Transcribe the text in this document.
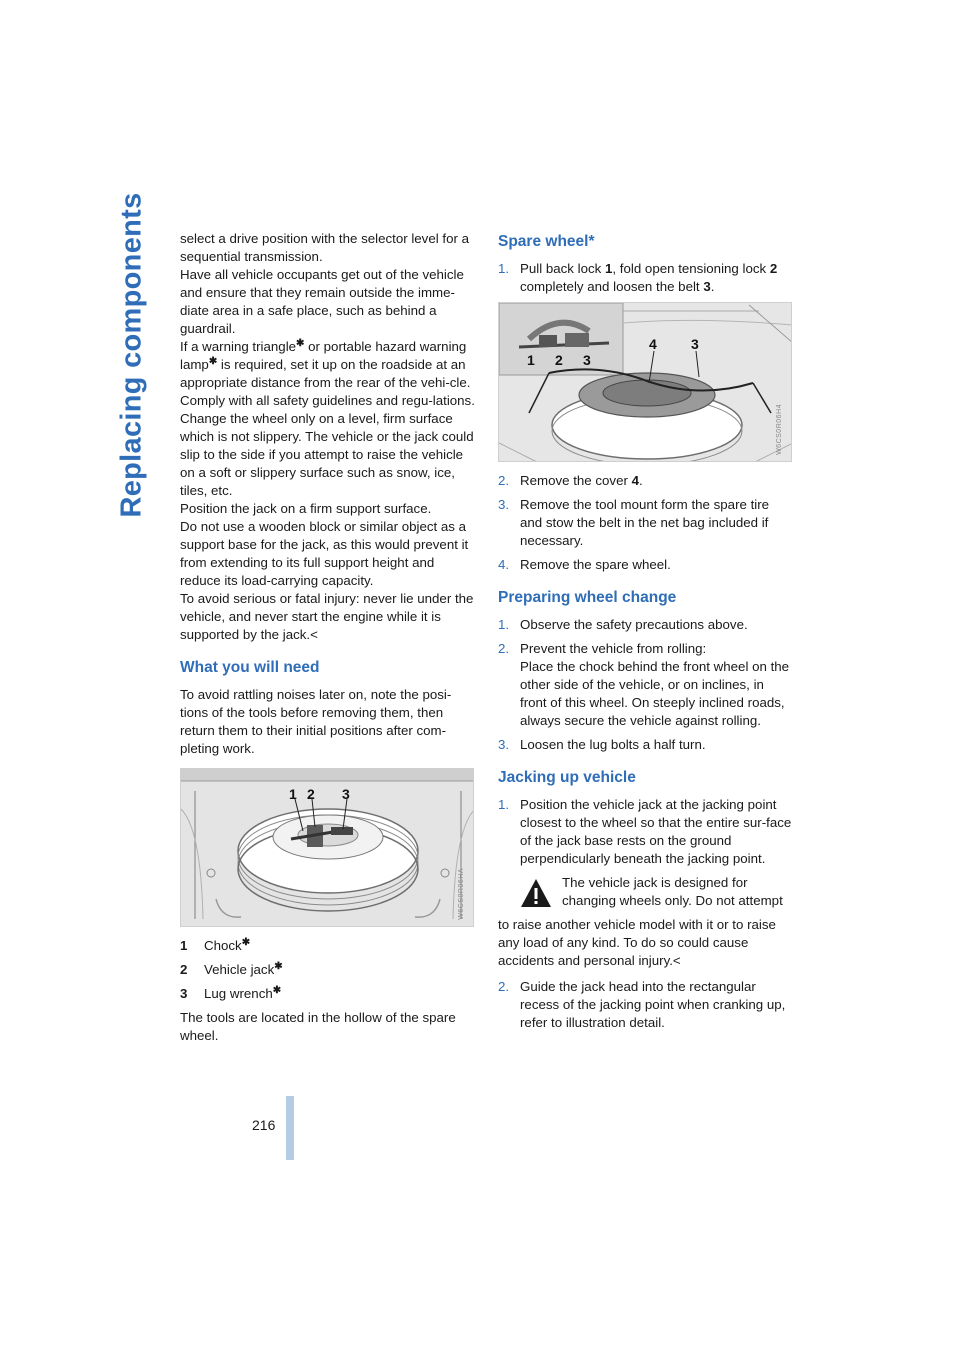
Replacing components select a drive position with the selector level for a sequential transmission.

Have all vehicle occupants get out of the vehicle and ensure that they remain outside the imme-diate area in a safe place, such as behind a guardrail.

If a warning triangle✱ or portable hazard warning lamp✱ is required, set it up on the roadside at an appropriate distance from the rear of the vehi-cle. Comply with all safety guidelines and regu-lations.

Change the wheel only on a level, firm surface which is not slippery. The vehicle or the jack could slip to the side if you attempt to raise the vehicle on a soft or slippery surface such as snow, ice, tiles, etc.

Position the jack on a firm support surface.

Do not use a wooden block or similar object as a support base for the jack, as this would prevent it from extending to its full support height and reduce its load-carrying capacity.

To avoid serious or fatal injury: never lie under the vehicle, and never start the engine while it is supported by the jack.<

What you will need

To avoid rattling noises later on, note the posi-tions of the tools before removing them, then return them to their initial positions after com-pleting work.

1 2 3
W6CS0R06HA
1	Chock✱
2	Vehicle jack✱
3	Lug wrench✱

The tools are located in the hollow of the spare wheel.

Spare wheel*
1. Pull back lock 1, fold open tensioning lock 2 completely and loosen the belt 3.
1 2 3
4 3
W6CS0R06H4
2. Remove the cover 4.
3. Remove the tool mount form the spare tire and stow the belt in the net bag included if necessary.
4. Remove the spare wheel.
Preparing wheel change
1. Observe the safety precautions above.
2. Prevent the vehicle from rolling:
Place the chock behind the front wheel on the other side of the vehicle, or on inclines, in front of this wheel. On steeply inclined roads, always secure the vehicle against rolling.
3. Loosen the lug bolts a half turn.
Jacking up vehicle
1. Position the vehicle jack at the jacking point closest to the wheel so that the entire sur-face of the jack base rests on the ground perpendicularly beneath the jacking point.
The vehicle jack is designed for changing wheels only. Do not attempt

to raise another vehicle model with it or to raise any load of any kind. To do so could cause accidents and personal injury.<

2. Guide the jack head into the rectangular recess of the jacking point when cranking up, refer to illustration detail.
216
